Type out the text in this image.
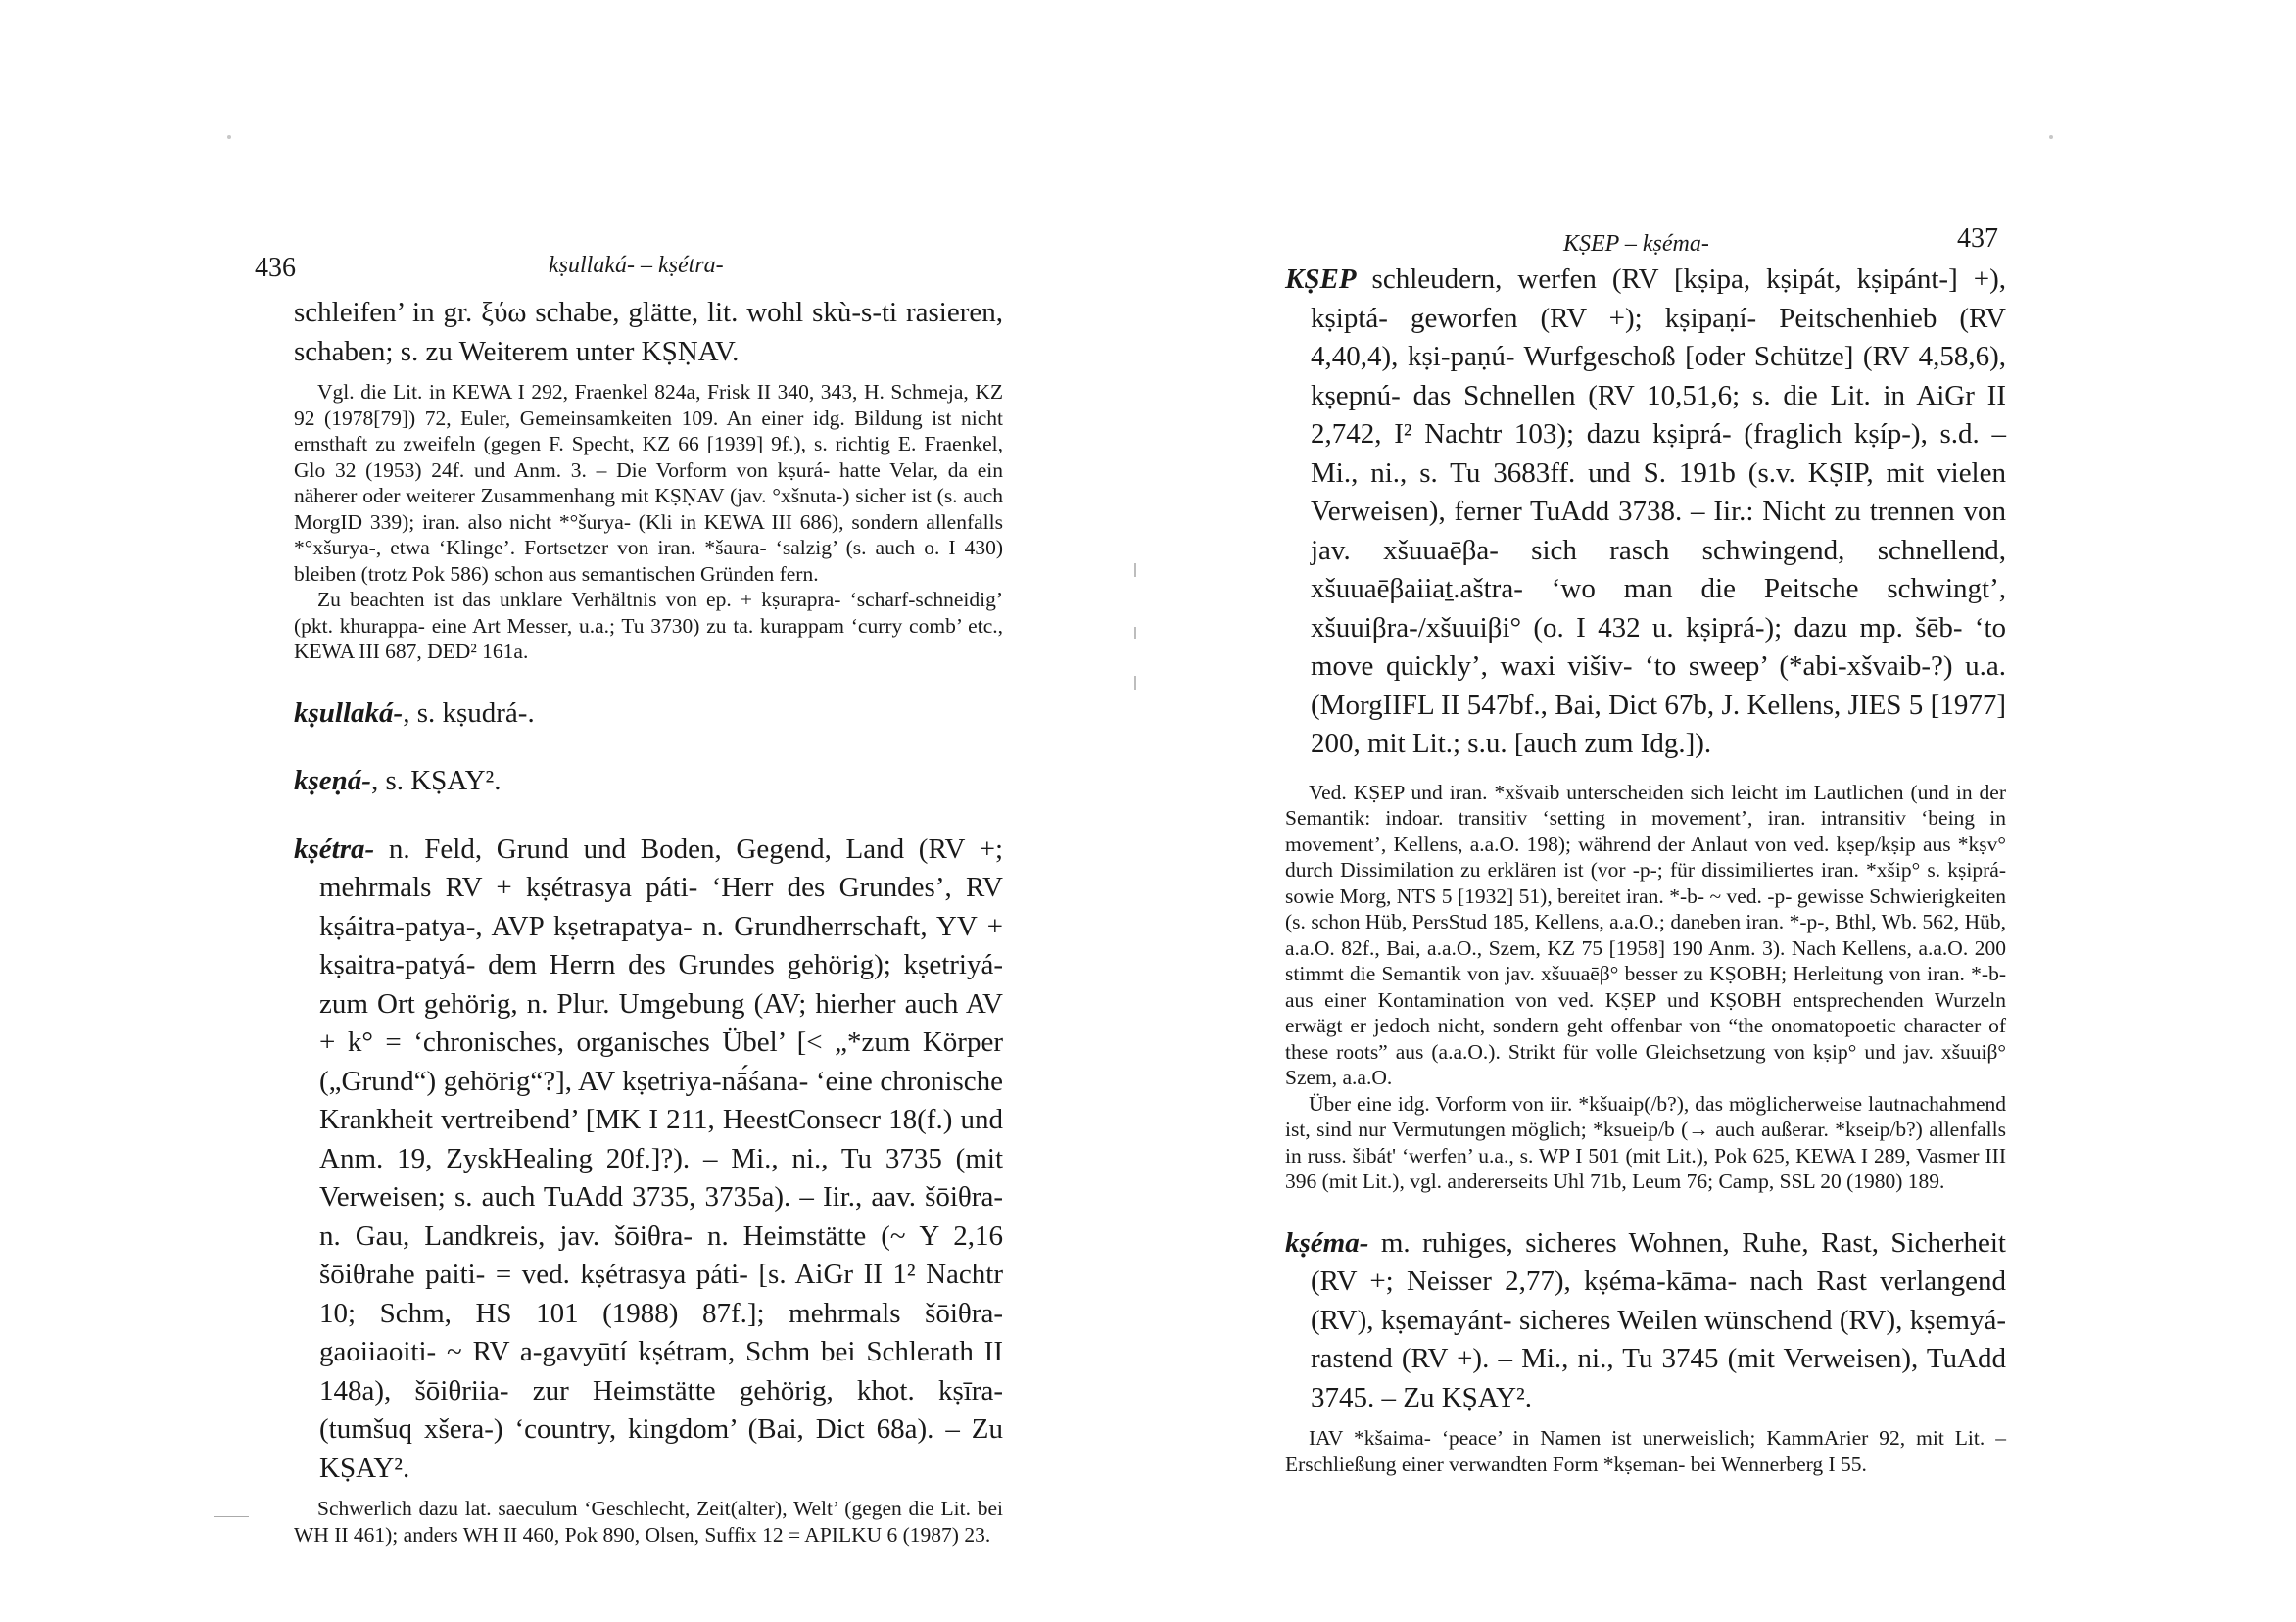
436	kṣullaká- – kṣétra-

schleifen’ in gr. ξύω schabe, glätte, lit. wohl skù-s-ti rasieren, schaben; s. zu Weiterem unter KṢṆAV.

Vgl. die Lit. in KEWA I 292, Fraenkel 824a, Frisk II 340, 343, H. Schmeja, KZ 92 (1978[79]) 72, Euler, Gemeinsamkeiten 109. An einer idg. Bildung ist nicht ernsthaft zu zweifeln (gegen F. Specht, KZ 66 [1939] 9f.), s. richtig E. Fraenkel, Glo 32 (1953) 24f. und Anm. 3. – Die Vorform von kṣurá- hatte Velar, da ein näherer oder weiterer Zusammenhang mit KṢṆAV (jav. °xšnuta-) sicher ist (s. auch MorgID 339); iran. also nicht *°šurya- (Kli in KEWA III 686), sondern allenfalls *°xšurya-, etwa ‘Klinge’. Fortsetzer von iran. *šaura- ‘salzig’ (s. auch o. I 430) bleiben (trotz Pok 586) schon aus semantischen Gründen fern.

Zu beachten ist das unklare Verhältnis von ep. + kṣurapra- ‘scharf-schneidig’ (pkt. khurappa- eine Art Messer, u.a.; Tu 3730) zu ta. kurappam ‘curry comb’ etc., KEWA III 687, DED² 161a.

kṣullaká-, s. kṣudrá-.

kṣeṇá-, s. KṢAY².

kṣétra- n. Feld, Grund und Boden, Gegend, Land (RV +; mehrmals RV + kṣétrasya páti- ‘Herr des Grundes’, RV kṣáitra-patya-, AVP kṣetrapatya- n. Grundherrschaft, YV + kṣaitra-patyá- dem Herrn des Grundes gehörig); kṣetriyá- zum Ort gehörig, n. Plur. Umgebung (AV; hierher auch AV + k° = ‘chronisches, organisches Übel’ [< „*zum Körper („Grund“) gehörig“?], AV kṣetriya-nā́śana- ‘eine chronische Krankheit vertreibend’ [MK I 211, HeestConsecr 18(f.) und Anm. 19, ZyskHealing 20f.]?). – Mi., ni., Tu 3735 (mit Verweisen; s. auch TuAdd 3735, 3735a). – Iir., aav. šōiθra- n. Gau, Landkreis, jav. šōiθra- n. Heimstätte (~ Y 2,16 šōiθrahe paiti- = ved. kṣétrasya páti- [s. AiGr II 1² Nachtr 10; Schm, HS 101 (1988) 87f.]; mehrmals šōiθra- gaoiiaoiti- ~ RV a-gavyūtí kṣétram, Schm bei Schlerath II 148a), šōiθriia- zur Heimstätte gehörig, khot. kṣīra- (tumšuq xšera-) ‘country, kingdom’ (Bai, Dict 68a). – Zu KṢAY².

Schwerlich dazu lat. saeculum ‘Geschlecht, Zeit(alter), Welt’ (gegen die Lit. bei WH II 461); anders WH II 460, Pok 890, Olsen, Suffix 12 = APILKU 6 (1987) 23.

KṢEP – kṣéma-	437

KṢEP schleudern, werfen (RV [kṣipa, kṣipát, kṣipánt-] +), kṣiptá- geworfen (RV +); kṣipaṇí- Peitschenhieb (RV 4,40,4), kṣi-paṇú- Wurfgeschoß [oder Schütze] (RV 4,58,6), kṣepnú- das Schnellen (RV 10,51,6; s. die Lit. in AiGr II 2,742, I² Nachtr 103); dazu kṣiprá- (fraglich kṣíp-), s.d. – Mi., ni., s. Tu 3683ff. und S. 191b (s.v. KṢIP, mit vielen Verweisen), ferner TuAdd 3738. – Iir.: Nicht zu trennen von jav. xšuuaēβa- sich rasch schwingend, schnellend, xšuuaēβaiiaṯ.aštra- ‘wo man die Peitsche schwingt’, xšuuiβra-/xšuuiβi° (o. I 432 u. kṣiprá-); dazu mp. šēb- ‘to move quickly’, waxi višiv- ‘to sweep’ (*abi-xšvaib-?) u.a. (MorgIIFL II 547bf., Bai, Dict 67b, J. Kellens, JIES 5 [1977] 200, mit Lit.; s.u. [auch zum Idg.]).

Ved. KṢEP und iran. *xšvaib unterscheiden sich leicht im Lautlichen (und in der Semantik: indoar. transitiv ‘setting in movement’, iran. intransitiv ‘being in movement’, Kellens, a.a.O. 198); während der Anlaut von ved. kṣep/kṣip aus *kṣv° durch Dissimilation zu erklären ist (vor -p-; für dissimiliertes iran. *xšip° s. kṣiprá- sowie Morg, NTS 5 [1932] 51), bereitet iran. *-b- ~ ved. -p- gewisse Schwierigkeiten (s. schon Hüb, PersStud 185, Kellens, a.a.O.; daneben iran. *-p-, Bthl, Wb. 562, Hüb, a.a.O. 82f., Bai, a.a.O., Szem, KZ 75 [1958] 190 Anm. 3). Nach Kellens, a.a.O. 200 stimmt die Semantik von jav. xšuuaēβ° besser zu KṢOBH; Herleitung von iran. *-b- aus einer Kontamination von ved. KṢEP und KṢOBH entsprechenden Wurzeln erwägt er jedoch nicht, sondern geht offenbar von “the onomatopoetic character of these roots” aus (a.a.O.). Strikt für volle Gleichsetzung von kṣip° und jav. xšuuiβ° Szem, a.a.O.

Über eine idg. Vorform von iir. *kšuaip(/b?), das möglicherweise lautnachahmend ist, sind nur Vermutungen möglich; *ksueip/b (→ auch außerar. *kseip/b?) allenfalls in russ. šibát' ‘werfen’ u.a., s. WP I 501 (mit Lit.), Pok 625, KEWA I 289, Vasmer III 396 (mit Lit.), vgl. andererseits Uhl 71b, Leum 76; Camp, SSL 20 (1980) 189.

kṣéma- m. ruhiges, sicheres Wohnen, Ruhe, Rast, Sicherheit (RV +; Neisser 2,77), kṣéma-kāma- nach Rast verlangend (RV), kṣemayánt- sicheres Weilen wünschend (RV), kṣemyá- rastend (RV +). – Mi., ni., Tu 3745 (mit Verweisen), TuAdd 3745. – Zu KṢAY².

IAV *kšaima- ‘peace’ in Namen ist unerweislich; KammArier 92, mit Lit. – Erschließung einer verwandten Form *kṣeman- bei Wennerberg I 55.
